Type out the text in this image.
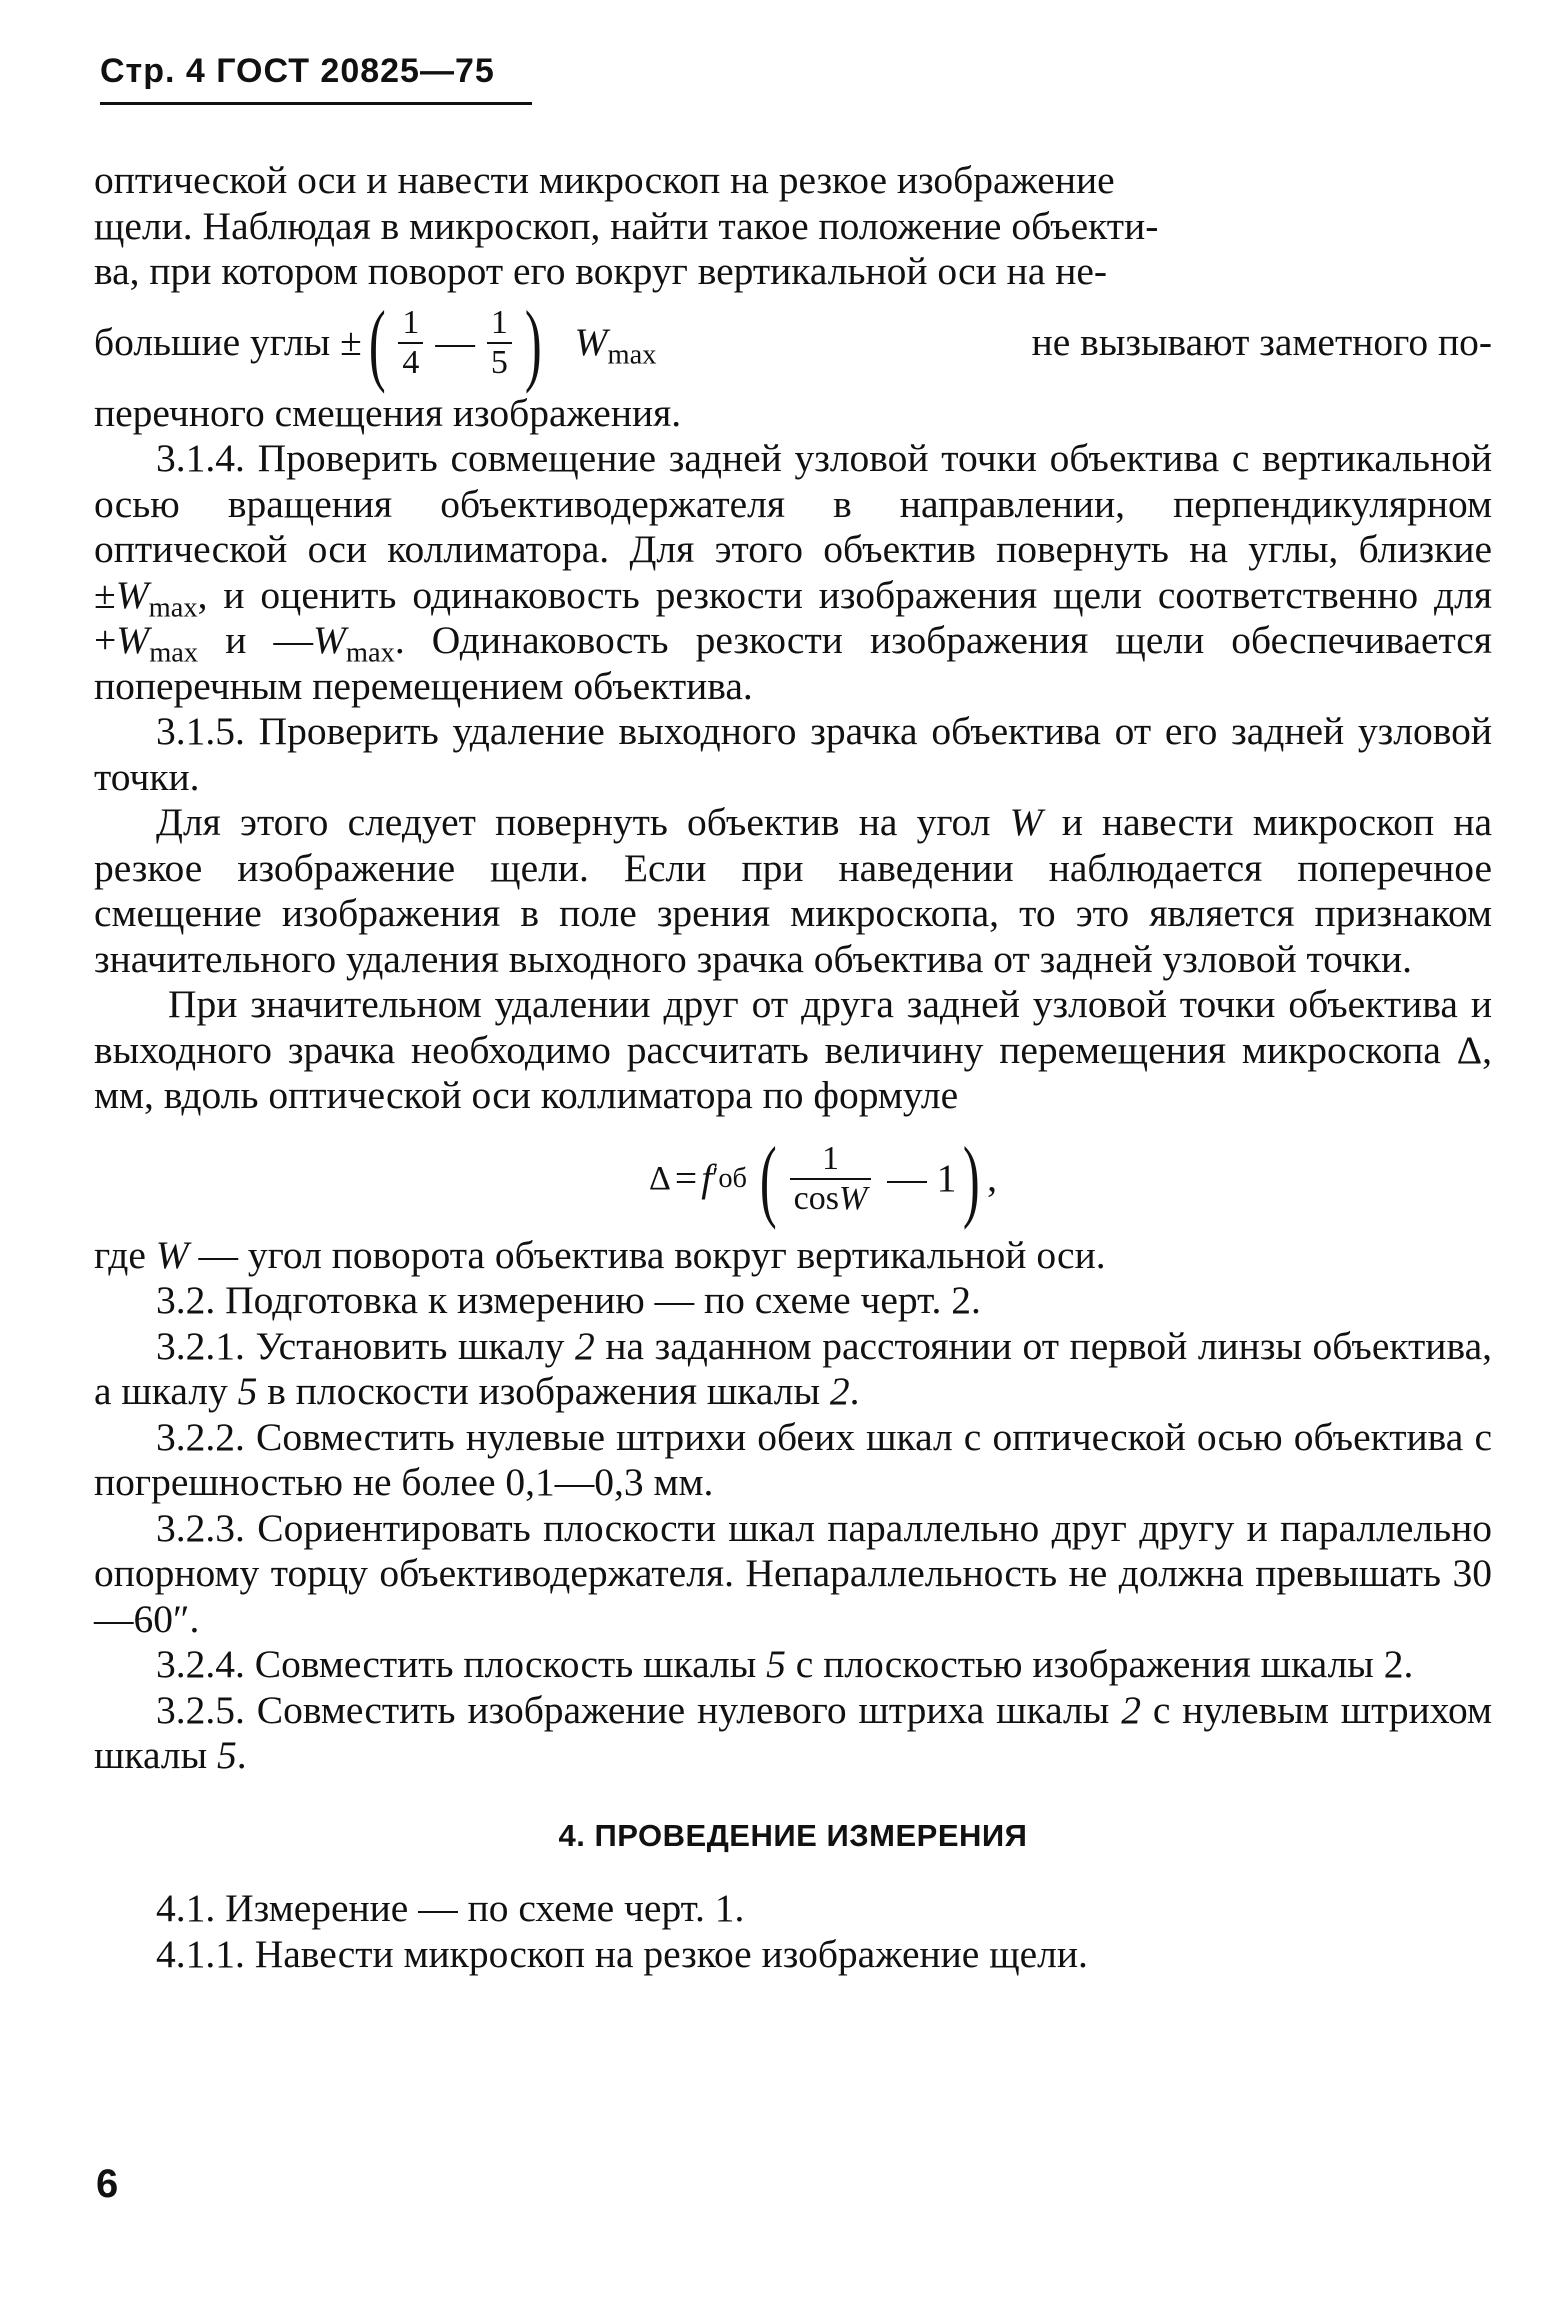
Стр. 4 ГОСТ 20825—75

оптической оси и навести микроскоп на резкое изображение

щели. Наблюдая в микроскоп, найти такое положение объекти-

ва, при котором поворот его вокруг вертикальной оси на не-

большие углы ± ( $\frac{1}{4}$ — $\frac{1}{5}$ ) $W_{max}$	не вызывают заметного по-

перечного смещения изображения.

3.1.4. Проверить совмещение задней узловой точки объектива с вертикальной осью вращения объективодержателя в направлении, перпендикулярном оптической оси коллиматора. Для этого объектив повернуть на углы, близкие $\pm W_{max}$, и оценить одинаковость резкости изображения щели соответственно для $+W_{max}$ и $—W_{max}$. Одинаковость резкости изображения щели обеспечивается поперечным перемещением объектива.

3.1.5. Проверить удаление выходного зрачка объектива от его задней узловой точки.

Для этого следует повернуть объектив на угол W и навести микроскоп на резкое изображение щели. Если при наведении наблюдается поперечное смещение изображения в поле зрения микроскопа, то это является признаком значительного удаления выходного зрачка объектива от задней узловой точки.

При значительном удалении друг от друга задней узловой точки объектива и выходного зрачка необходимо рассчитать величину перемещения микроскопа Δ, мм, вдоль оптической оси коллиматора по формуле

Δ = f ′ об ( $\frac{1}{\cos W}$ — 1 ) ,

где W — угол поворота объектива вокруг вертикальной оси.

3.2. Подготовка к измерению — по схеме черт. 2.

3.2.1. Установить шкалу 2 на заданном расстоянии от первой линзы объектива, а шкалу 5 в плоскости изображения шкалы 2.

3.2.2. Совместить нулевые штрихи обеих шкал с оптической осью объектива с погрешностью не более 0,1—0,3 мм.

3.2.3. Сориентировать плоскости шкал параллельно друг другу и параллельно опорному торцу объективодержателя. Непараллельность не должна превышать 30—60″.

3.2.4. Совместить плоскость шкалы 5 с плоскостью изображения шкалы 2.

3.2.5. Совместить изображение нулевого штриха шкалы 2 с нулевым штрихом шкалы 5.

4. ПРОВЕДЕНИЕ ИЗМЕРЕНИЯ

4.1. Измерение — по схеме черт. 1.

4.1.1. Навести микроскоп на резкое изображение щели.

6
